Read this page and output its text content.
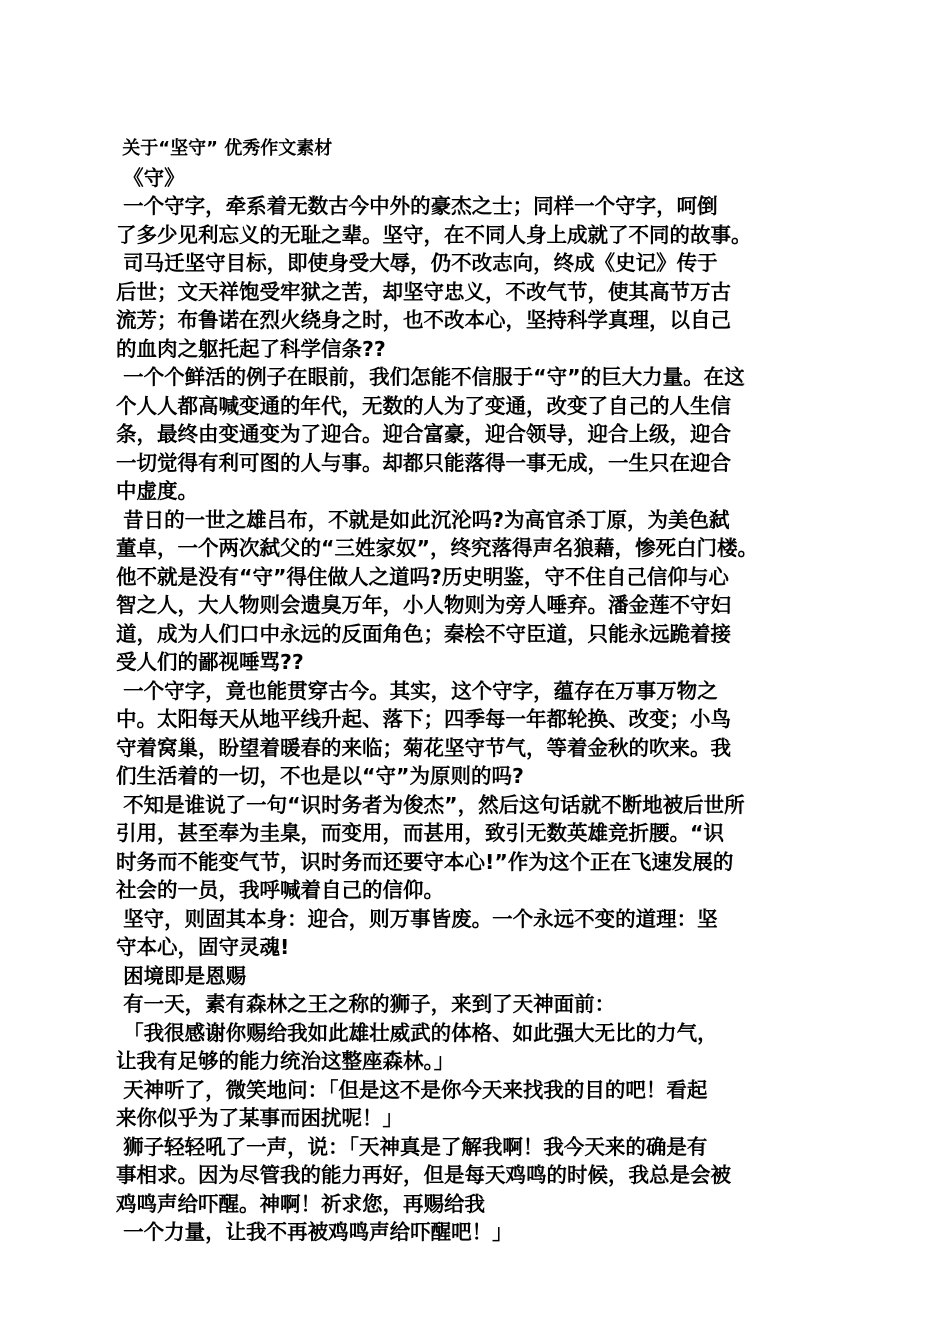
关于“坚守” 优秀作文素材
《守》
一个守字，牵系着无数古今中外的豪杰之士；同样一个守字，呵倒
了多少见利忘义的无耻之辈。坚守，在不同人身上成就了不同的故事。
司马迁坚守目标，即使身受大辱，仍不改志向，终成《史记》传于
后世；文天祥饱受牢狱之苦，却坚守忠义，不改气节，使其高节万古
流芳；布鲁诺在烈火绕身之时，也不改本心，坚持科学真理，以自己
的血肉之躯托起了科学信条??
一个个鲜活的例子在眼前，我们怎能不信服于“守”的巨大力量。在这
个人人都高喊变通的年代，无数的人为了变通，改变了自己的人生信
条，最终由变通变为了迎合。迎合富豪，迎合领导，迎合上级，迎合
一切觉得有利可图的人与事。却都只能落得一事无成，一生只在迎合
中虚度。
昔日的一世之雄吕布，不就是如此沉沦吗?为高官杀丁原，为美色弑
董卓，一个两次弑父的“三姓家奴”，终究落得声名狼藉，惨死白门楼。
他不就是没有“守”得住做人之道吗?历史明鉴，守不住自己信仰与心
智之人，大人物则会遗臭万年，小人物则为旁人唾弃。潘金莲不守妇
道，成为人们口中永远的反面角色；秦桧不守臣道，只能永远跪着接
受人们的鄙视唾骂??
一个守字，竟也能贯穿古今。其实，这个守字，蕴存在万事万物之
中。太阳每天从地平线升起、落下；四季每一年都轮换、改变；小鸟
守着窝巢，盼望着暖春的来临；菊花坚守节气，等着金秋的吹来。我
们生活着的一切，不也是以“守”为原则的吗?
不知是谁说了一句“识时务者为俊杰”，然后这句话就不断地被后世所
引用，甚至奉为圭臬，而变用，而甚用，致引无数英雄竞折腰。“识
时务而不能变气节，识时务而还要守本心!”作为这个正在飞速发展的
社会的一员，我呼喊着自己的信仰。
坚守，则固其本身：迎合，则万事皆废。一个永远不变的道理：坚
守本心，固守灵魂!
困境即是恩赐
有一天，素有森林之王之称的狮子，来到了天神面前：
「我很感谢你赐给我如此雄壮威武的体格、如此强大无比的力气，
让我有足够的能力统治这整座森林。」
天神听了，微笑地问：「但是这不是你今天来找我的目的吧！看起
来你似乎为了某事而困扰呢！」
狮子轻轻吼了一声，说：「天神真是了解我啊！我今天来的确是有
事相求。因为尽管我的能力再好，但是每天鸡鸣的时候，我总是会被
鸡鸣声给吓醒。神啊！祈求您，再赐给我
一个力量，让我不再被鸡鸣声给吓醒吧！」
